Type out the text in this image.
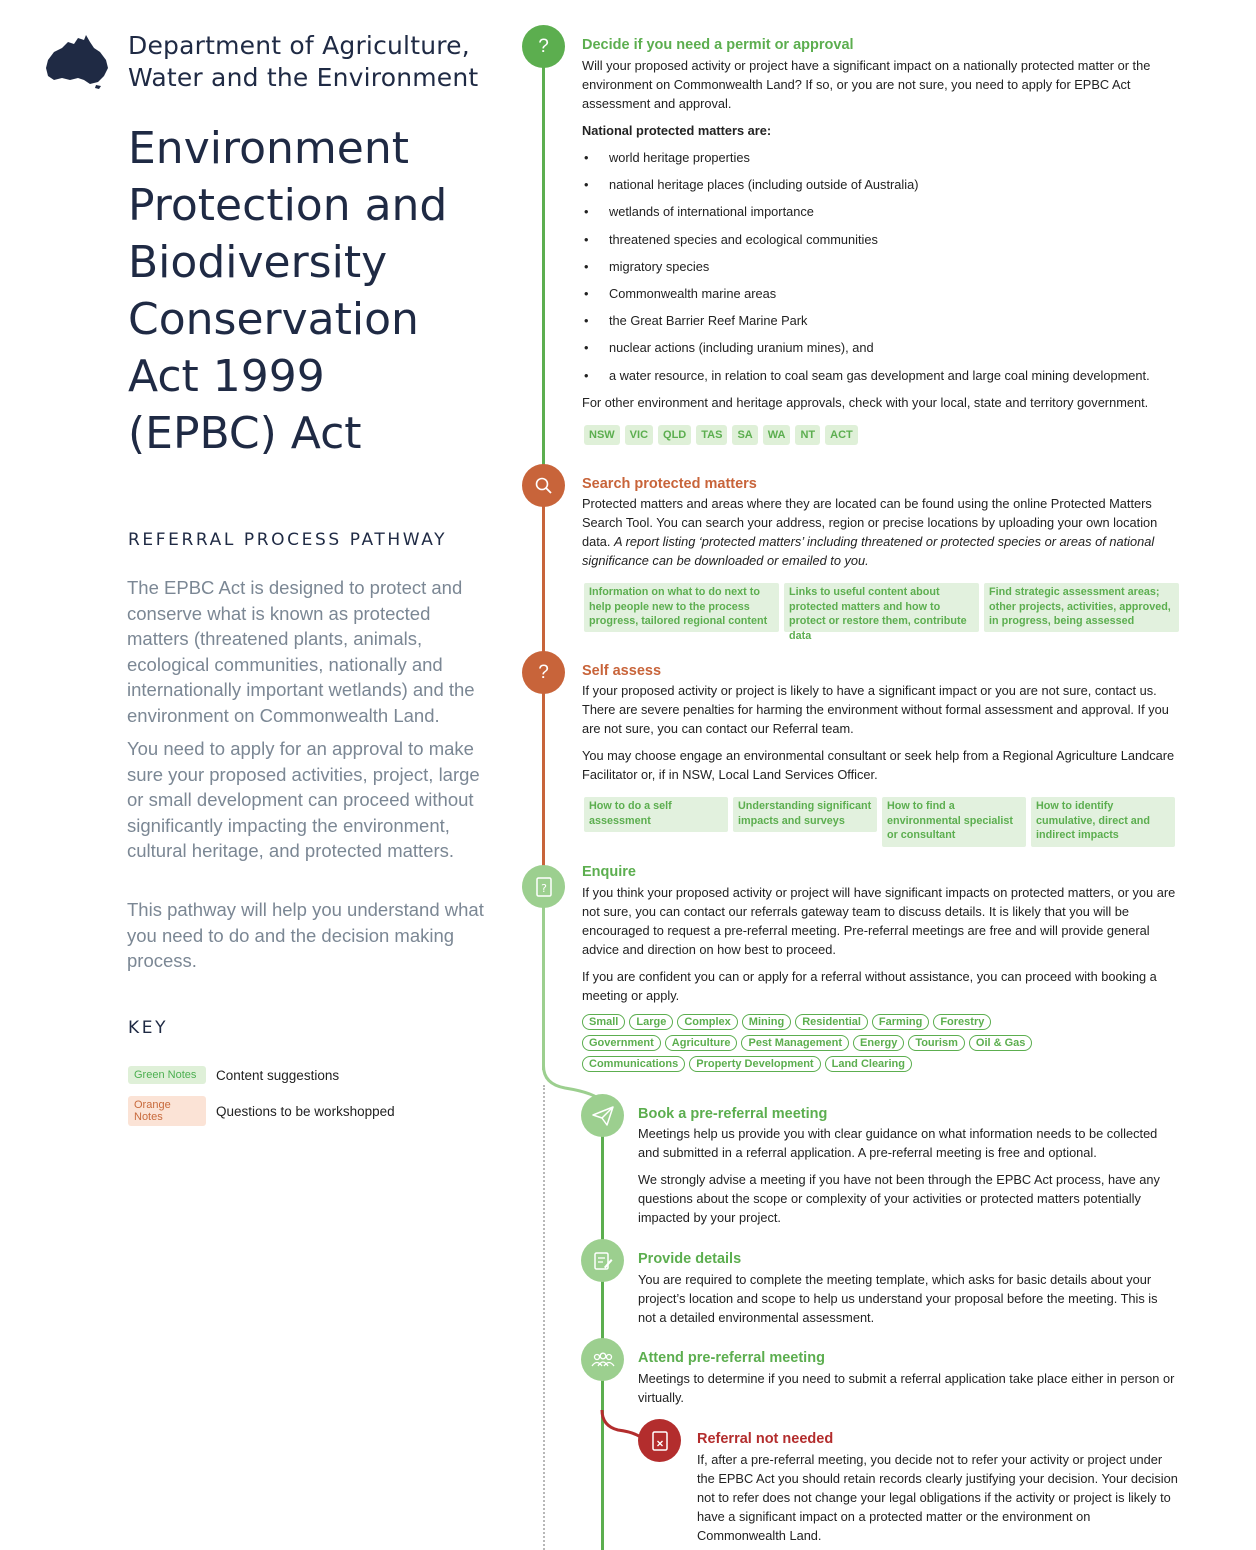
Department of Agriculture,
Water and the Environment
Environment
Protection and
Biodiversity
Conservation
Act 1999
(EPBC) Act
REFERRAL PROCESS PATHWAY
The EPBC Act is designed to protect and conserve what is known as protected matters (threatened plants, animals, ecological communities, nationally and internationally important wetlands) and the environment on Commonwealth Land.
You need to apply for an approval to make sure your proposed activities, project, large or small development can proceed without significantly impacting the environment, cultural heritage, and protected matters.
This pathway will help you understand what you need to do and the decision making process.
KEY
Green Notes	Content suggestions
Orange Notes	Questions to be workshopped
? Decide if you need a permit or approval

Will your proposed activity or project have a significant impact on a nationally protected matter or the environment on Commonwealth Land? If so, or you are not sure, you need to apply for EPBC Act assessment and approval.

National protected matters are:

• world heritage properties
• national heritage places (including outside of Australia)
• wetlands of international importance
• threatened species and ecological communities
• migratory species
• Commonwealth marine areas
• the Great Barrier Reef Marine Park
• nuclear actions (including uranium mines), and
• a water resource, in relation to coal seam gas development and large coal mining development.

For other environment and heritage approvals, check with your local, state and territory government.

NSW	VIC	QLD	TAS	SA	WA	NT	ACT
Search protected matters
Protected matters and areas where they are located can be found using the online Protected Matters Search Tool. You can search your address, region or precise locations by uploading your own location data. A report listing ‘protected matters’ including threatened or protected species or areas of national significance can be downloaded or emailed to you.
Information on what to do next to help people new to the process progress, tailored regional content
Links to useful content about protected matters and how to protect or restore them, contribute data
Find strategic assessment areas; other projects, activities, approved, in progress, being assessed
? Self assess

If your proposed activity or project is likely to have a significant impact or you are not sure, contact us. There are severe penalties for harming the environment without formal assessment and approval. If you are not sure, you can contact our Referral team.

You may choose engage an environmental consultant or seek help from a Regional Agriculture Landcare Facilitator or, if in NSW, Local Land Services Officer.

How to do a self assessment
Understanding significant impacts and surveys
How to find a environmental specialist or consultant
How to identify cumulative, direct and indirect impacts
?
Enquire

If you think your proposed activity or project will have significant impacts on protected matters, or you are not sure, you can contact our referrals gateway team to discuss details. It is likely that you will be encouraged to request a pre-referral meeting. Pre-referral meetings are free and will provide general advice and direction on how best to proceed.

If you are confident you can or apply for a referral without assistance, you can proceed with booking a meeting or apply.

Small	Large	Complex	Mining	Residential	Farming	Forestry
Government	Agriculture	Pest Management	Energy	Tourism	Oil & Gas
Communications	Property Development	Land Clearing
Book a pre-referral meeting

Meetings help us provide you with clear guidance on what information needs to be collected and submitted in a referral application. A pre-referral meeting is free and optional.

We strongly advise a meeting if you have not been through the EPBC Act process, have any questions about the scope or complexity of your activities or protected matters potentially impacted by your project.

Provide details
You are required to complete the meeting template, which asks for basic details about your project’s location and scope to help us understand your proposal before the meeting. This is not a detailed environmental assessment.
Attend pre-referral meeting
Meetings to determine if you need to submit a referral application take place either in person or virtually.
Referral not needed
If, after a pre-referral meeting, you decide not to refer your activity or project under the EPBC Act you should retain records clearly justifying your decision. Your decision not to refer does not change your legal obligations if the activity or project is likely to have a significant impact on a protected matter or the environment on Commonwealth Land.
